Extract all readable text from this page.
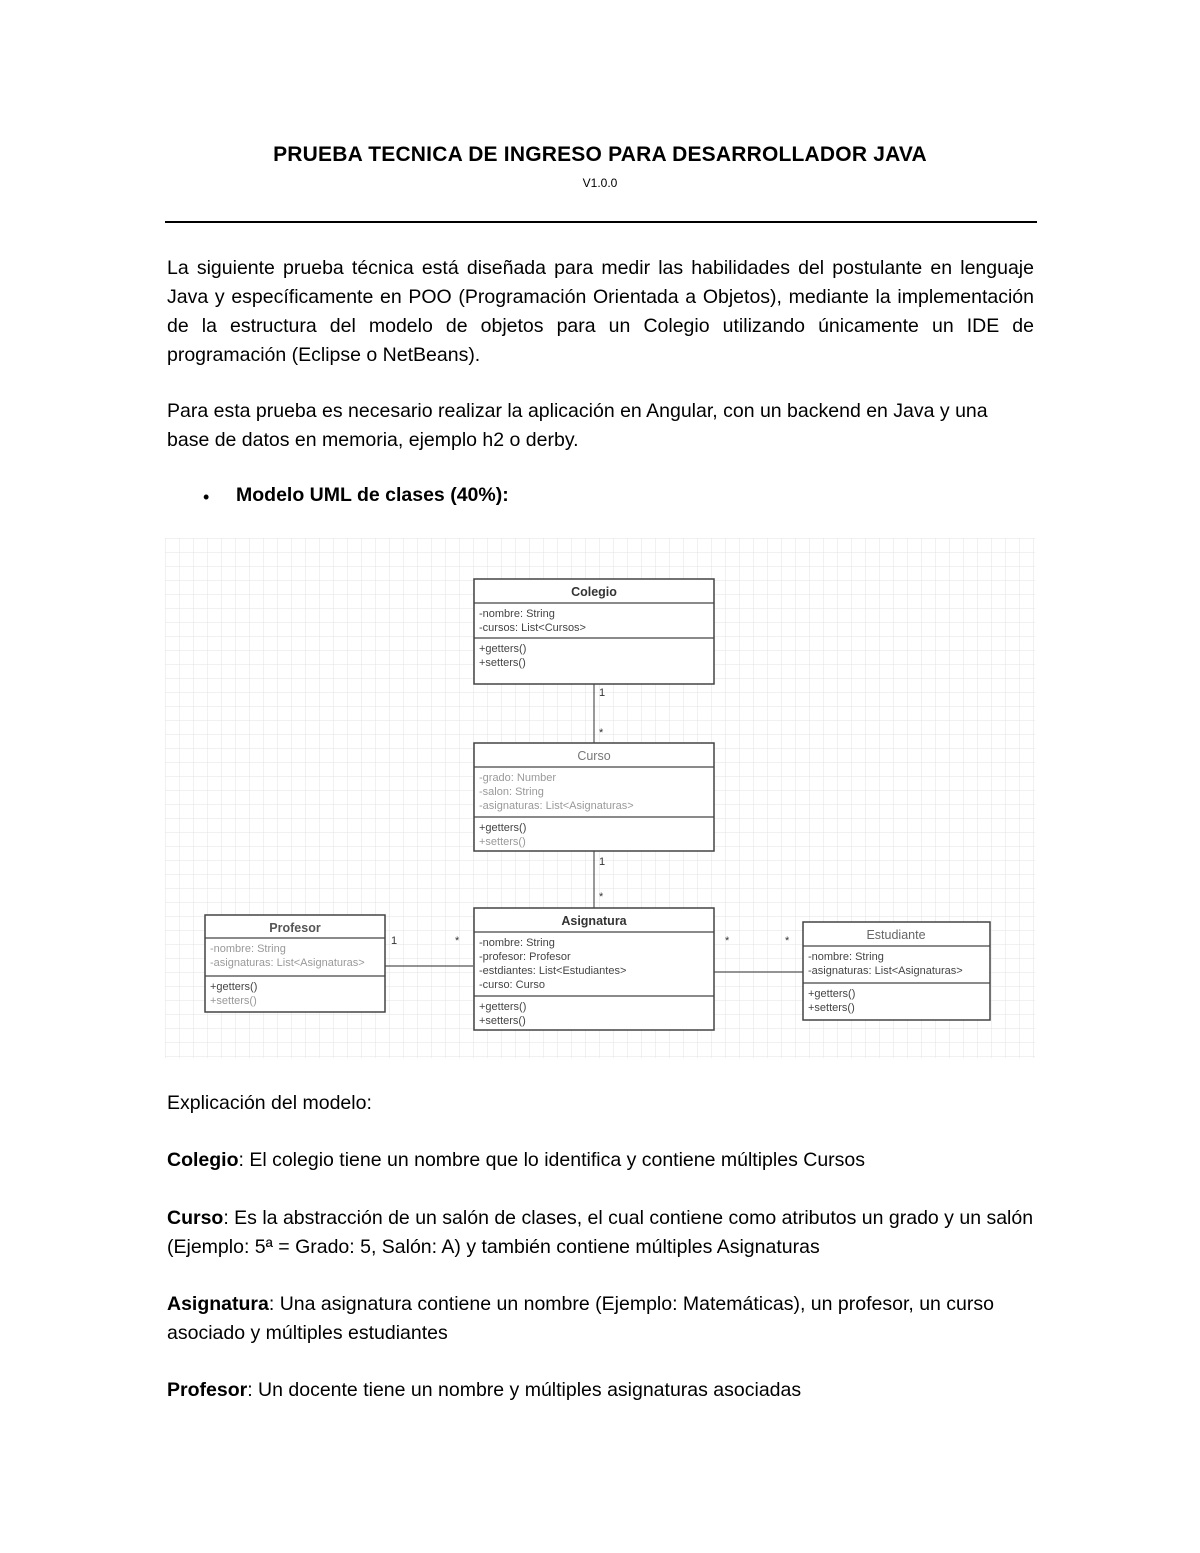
PRUEBA TECNICA DE INGRESO PARA DESARROLLADOR JAVA
V1.0.0

La siguiente prueba técnica está diseñada para medir las habilidades del postulante en lenguaje Java y específicamente en POO (Programación Orientada a Objetos), mediante la implementación de la estructura del modelo de objetos para un Colegio utilizando únicamente un IDE de programación (Eclipse o NetBeans).

Para esta prueba es necesario realizar la aplicación en Angular, con un backend en Java y una base de datos en memoria, ejemplo h2 o derby.

• Modelo UML de clases (40%):
1
*
1
*
1	*	*	*
Colegio
-nombre: String
-cursos: List<Cursos>
+getters()
+setters()
Curso
-grado: Number
-salon: String
-asignaturas: List<Asignaturas>
+getters()
+setters()
Asignatura
-nombre: String
-profesor: Profesor
-estdiantes: List<Estudiantes>
-curso: Curso
+getters()
+setters()
Profesor
-nombre: String
-asignaturas: List<Asignaturas>
+getters()
+setters()
Estudiante
-nombre: String
-asignaturas: List<Asignaturas>
+getters()
+setters()

Explicación del modelo:

Colegio: El colegio tiene un nombre que lo identifica y contiene múltiples Cursos

Curso: Es la abstracción de un salón de clases, el cual contiene como atributos un grado y un salón (Ejemplo: 5ª = Grado: 5, Salón: A) y también contiene múltiples Asignaturas

Asignatura: Una asignatura contiene un nombre (Ejemplo: Matemáticas), un profesor, un curso asociado y múltiples estudiantes

Profesor: Un docente tiene un nombre y múltiples asignaturas asociadas
